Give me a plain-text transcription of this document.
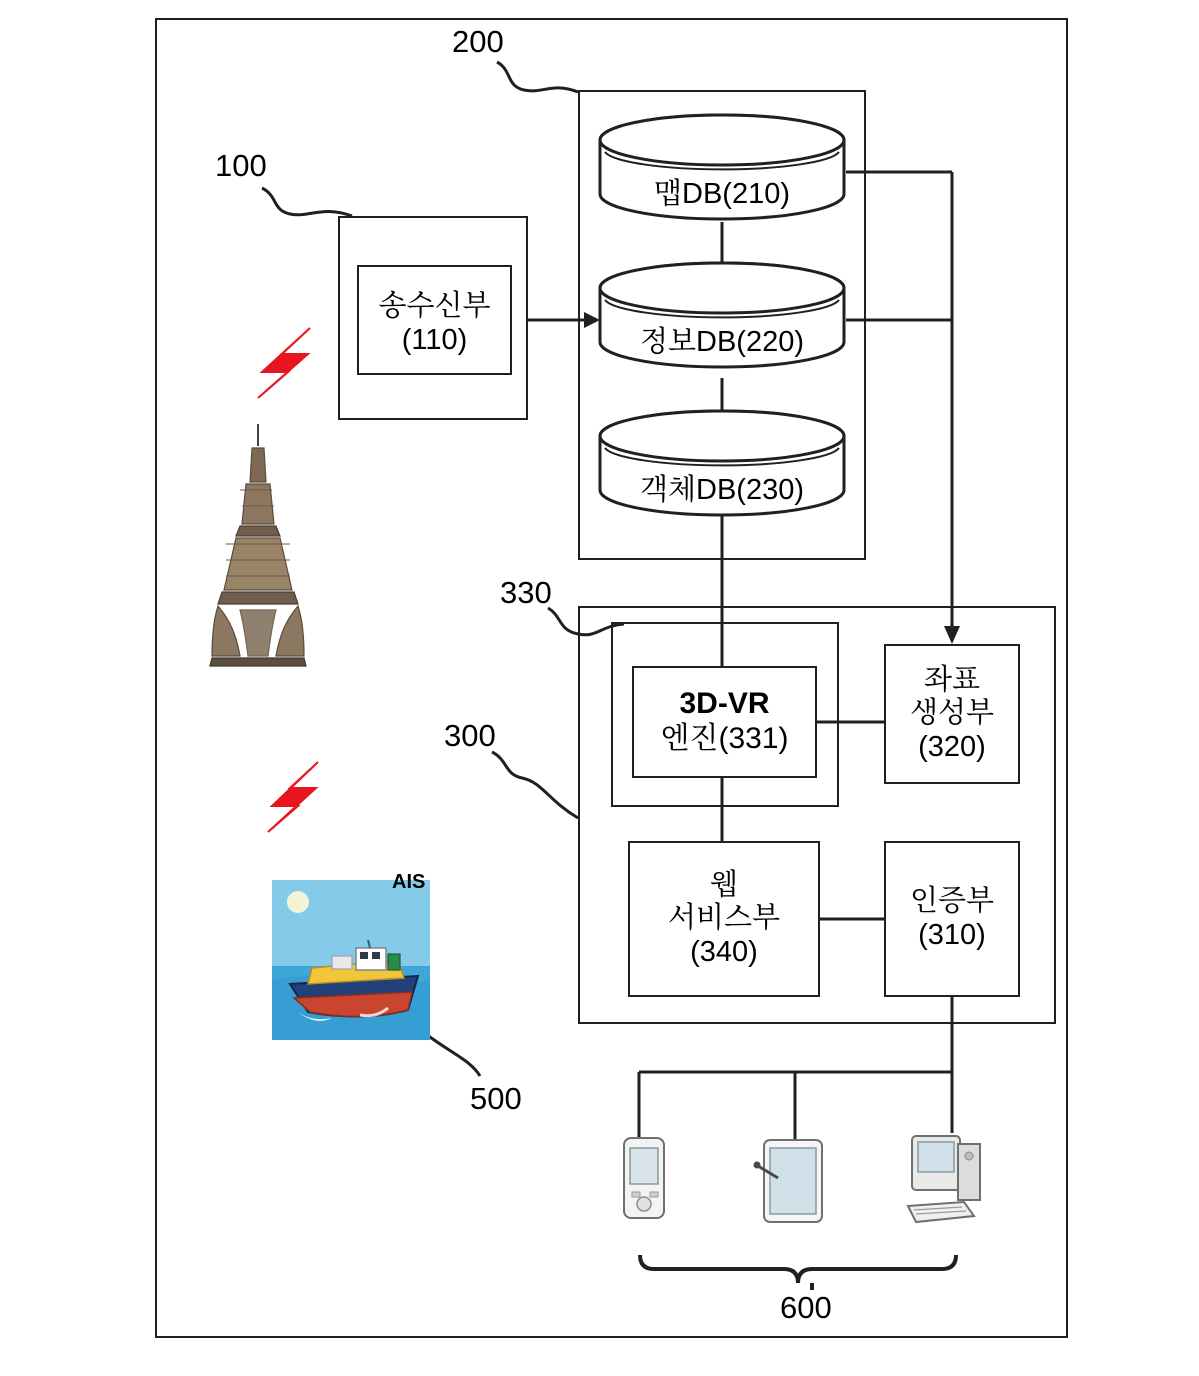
200
100
330
300
500
600
송수신부
(110)
맵DB(210)
정보DB(220)
객체DB(230)
3D-VR
엔진(331)
좌표
생성부
(320)
웹
서비스부
(340)
인증부
(310)
AIS
